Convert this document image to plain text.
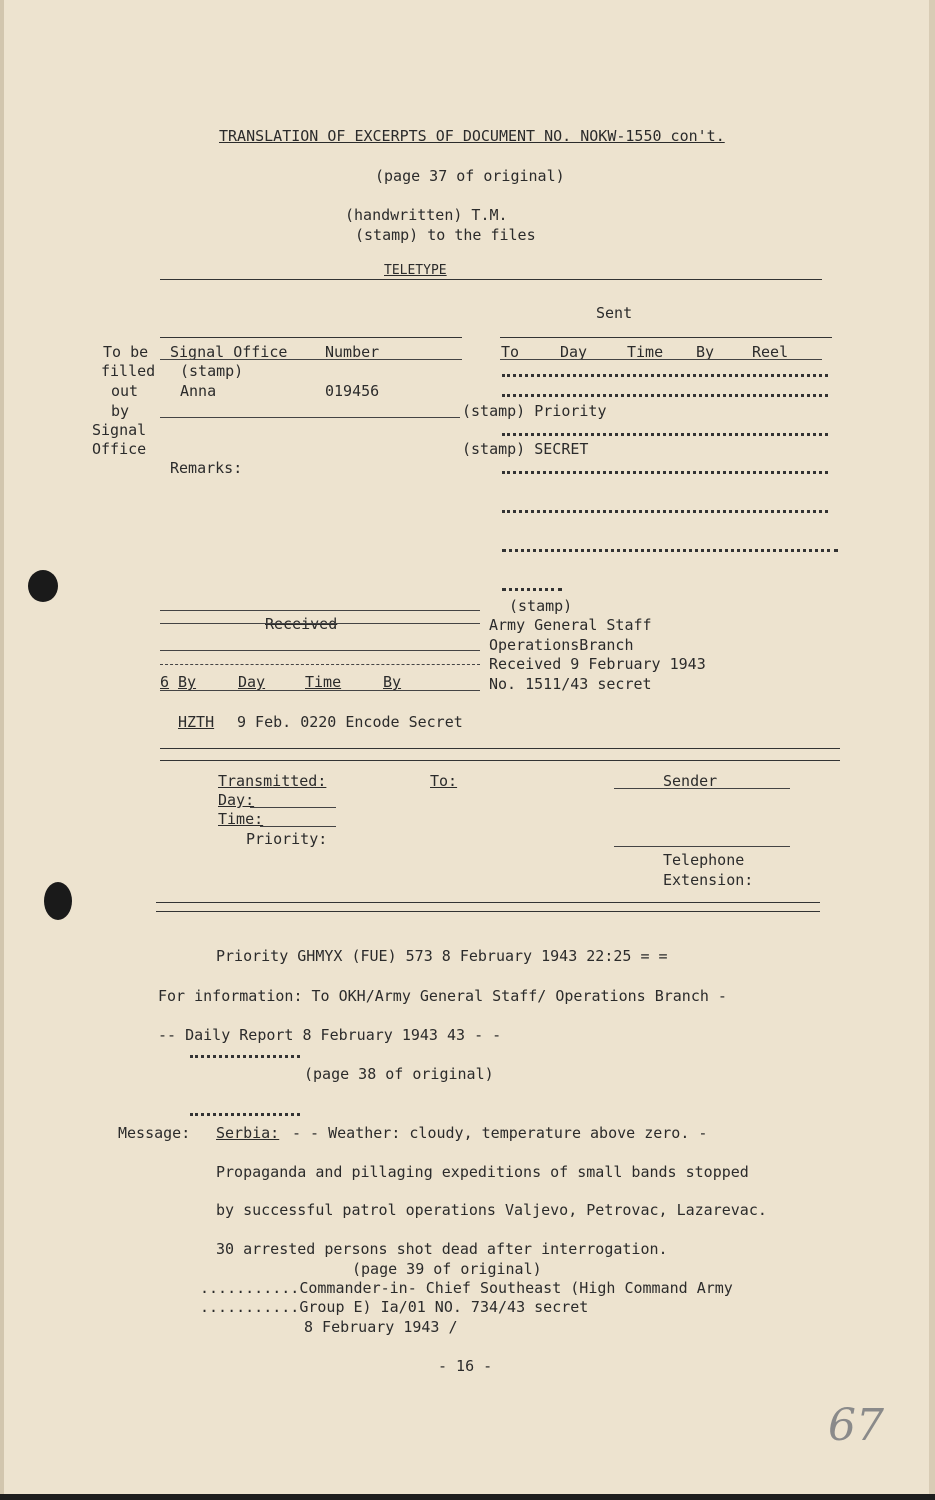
TRANSLATION OF EXCERPTS OF DOCUMENT NO. NOKW-1550 con't.
(page 37 of original)
(handwritten) T.M.
(stamp) to the files
TELETYPE
Sent
To be
filled
out
by
Signal
Office
Signal Office	Number
(stamp)
Anna	019456
To	Day	Time By	Reel
(stamp) Priority
(stamp) SECRET
Remarks:
Received
6 By	Day	Time	By
(stamp)
Army General Staff
OperationsBranch
Received 9 February 1943
No. 1511/43 secret
HZTH 9 Feb. 0220 Encode Secret
Transmitted:
Day:
Time:
Priority:
To:	Sender
Telephone
Extension:
Priority GHMYX (FUE) 573 8 February 1943 22:25 = =
For information: To OKH/Army General Staff/ Operations Branch -
-- Daily Report 8 February 1943 43 - -
(page 38 of original)
Message: Serbia: - - Weather: cloudy, temperature above zero. -
Propaganda and pillaging expeditions of small bands stopped
by successful patrol operations Valjevo, Petrovac, Lazarevac.
30 arrested persons shot dead after interrogation.
(page 39 of original)
...........Commander-in- Chief Southeast (High Command Army
...........Group E) Ia/01 NO. 734/43 secret
8 February 1943 /
- 16 -
67
